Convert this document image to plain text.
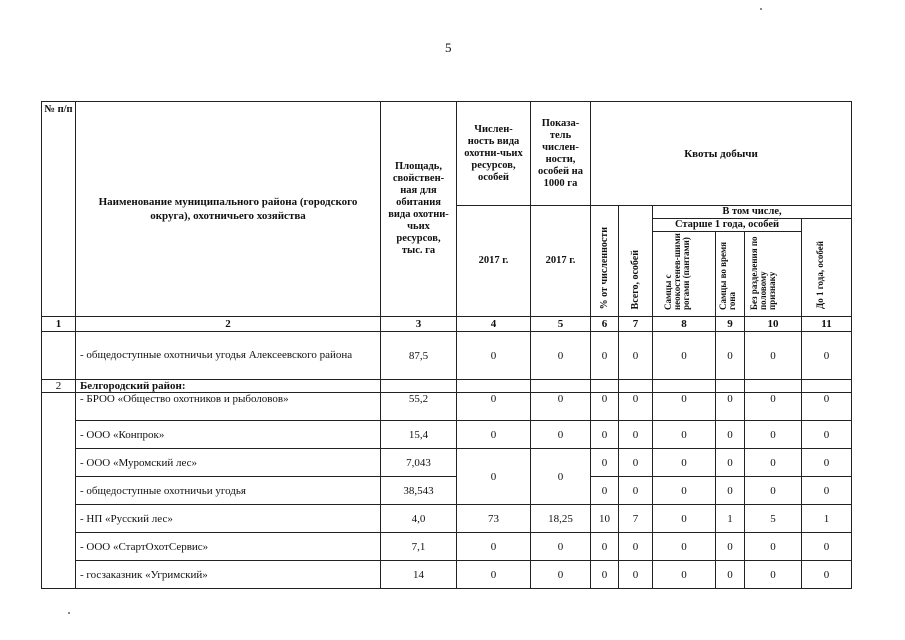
5
№ п/п	Наименование муниципального района (городского округа), охотничьего хозяйства	Площадь, свойствен-ная для обитания вида охотни-чьих ресурсов, тыс. га	Числен-ность вида охотни-чьих ресурсов, особей	Показа-тель числен-ности, особей на 1000 га	Квоты добычи					
			2017 г.	2017 г.	% от численности	Всего, особей	В том числе,			
							Старше 1 года, особей			До 1 года, особей
							Самцы с неокостенев-шими рогами (пантами)	Самцы во время гона	Без разделения по половому признаку	
1	2	3	4	5	6	7	8	9	10	11

	- общедоступные охотничьи угодья Алексеевского района	87,5	0	0	0	0	0	0	0	0
2	Белгородский район:									
	- БРОО «Общество охотников и рыболовов»	55,2	0	0	0	0	0	0	0	0
	- ООО «Конпрок»	15,4	0	0	0	0	0	0	0	0
	- ООО «Муромский лес»	7,043	0	0	0	0	0	0	0	0
	- общедоступные охотничьи угодья	38,543			0	0	0	0	0	0
	- НП «Русский лес»	4,0	73	18,25	10	7	0	1	5	1
	- ООО «СтартОхотСервис»	7,1	0	0	0	0	0	0	0	0
	- госзаказник «Угримский»	14	0	0	0	0	0	0	0	0
